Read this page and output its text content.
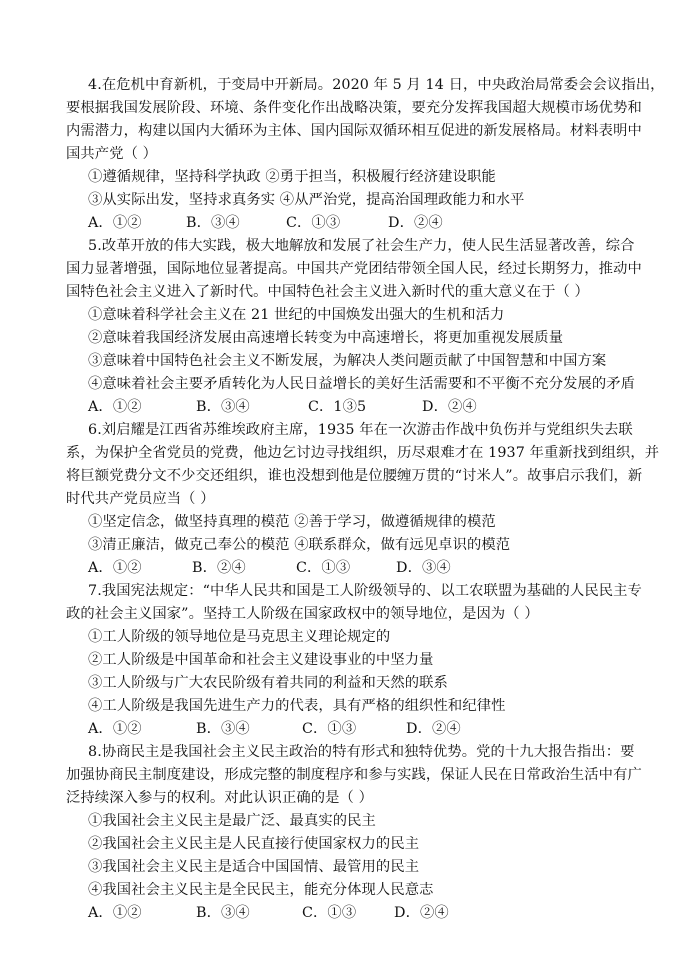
4.在危机中育新机，于变局中开新局。2020 年 5 月 14 日，中央政治局常委会会议指出，
要根据我国发展阶段、环境、条件变化作出战略决策，要充分发挥我国超大规模市场优势和
内需潜力，构建以国内大循环为主体、国内国际双循环相互促进的新发展格局。材料表明中
国共产党（ ）
①遵循规律，坚持科学执政 ②勇于担当，积极履行经济建设职能
③从实际出发，坚持求真务实 ④从严治党，提高治国理政能力和水平
A．①②	B．③④	C．①③	D．②④
5.改革开放的伟大实践，极大地解放和发展了社会生产力，使人民生活显著改善，综合
国力显著增强，国际地位显著提高。中国共产党团结带领全国人民，经过长期努力，推动中
国特色社会主义进入了新时代。中国特色社会主义进入新时代的重大意义在于（ ）
①意味着科学社会主义在 21 世纪的中国焕发出强大的生机和活力
②意味着我国经济发展由高速增长转变为中高速增长，将更加重视发展质量
③意味着中国特色社会主义不断发展，为解决人类问题贡献了中国智慧和中国方案
④意味着社会主要矛盾转化为人民日益增长的美好生活需要和不平衡不充分发展的矛盾
A．①②	B．③④	C．1③5	D．②④
6.刘启耀是江西省苏维埃政府主席，1935 年在一次游击作战中负伤并与党组织失去联
系，为保护全省党员的党费，他边乞讨边寻找组织，历尽艰难才在 1937 年重新找到组织，并
将巨额党费分文不少交还组织，谁也没想到他是位腰缠万贯的“讨米人”。故事启示我们，新
时代共产党员应当（ ）
①坚定信念，做坚持真理的模范 ②善于学习，做遵循规律的模范
③清正廉洁，做克己奉公的模范 ④联系群众，做有远见卓识的模范
A．①②	B．②④	C．①③	D．③④
7.我国宪法规定：“中华人民共和国是工人阶级领导的、以工农联盟为基础的人民民主专
政的社会主义国家”。坚持工人阶级在国家政权中的领导地位，是因为（ ）
①工人阶级的领导地位是马克思主义理论规定的
②工人阶级是中国革命和社会主义建设事业的中坚力量
③工人阶级与广大农民阶级有着共同的利益和天然的联系
④工人阶级是我国先进生产力的代表，具有严格的组织性和纪律性
A．①②	B．③④	C．①③	D．②④
8.协商民主是我国社会主义民主政治的特有形式和独特优势。党的十九大报告指出：要
加强协商民主制度建设，形成完整的制度程序和参与实践，保证人民在日常政治生活中有广
泛持续深入参与的权利。对此认识正确的是（ ）
①我国社会主义民主是最广泛、最真实的民主
②我国社会主义民主是人民直接行使国家权力的民主
③我国社会主义民主是适合中国国情、最管用的民主
④我国社会主义民主是全民民主，能充分体现人民意志
A．①②	B．③④	C．①③	D．②④
